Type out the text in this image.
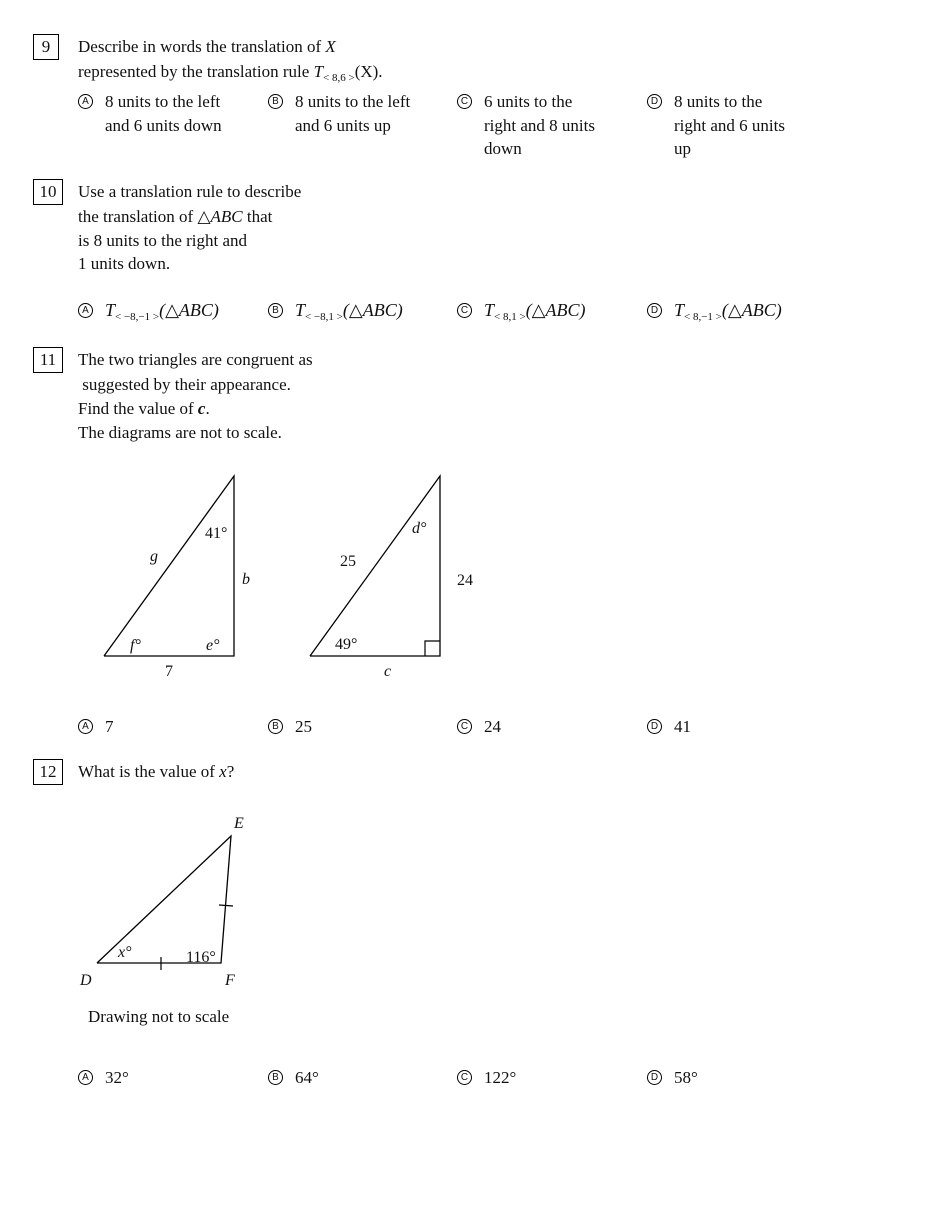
9	Describe in words the translation of X
represented by the translation rule $T_{< 8,6 >}(X)$.
A 8 units to the left
and 6 units down
B 8 units to the left
and 6 units up
C 6 units to the
right and 8 units
down
D 8 units to the
right and 6 units
up
10	Use a translation rule to describe
the translation of △ABC that
is 8 units to the right and
1 units down.
A $T_{< -8,-1 >}(\triangle ABC)$	B $T_{< -8,1 >}(\triangle ABC)$	C $T_{< 8,1 >}(\triangle ABC)$	D $T_{< 8,-1 >}(\triangle ABC)$
11	The two triangles are congruent as
suggested by their appearance.
Find the value of c.
The diagrams are not to scale.
g
41°
b
f°	e°
7
25
d°
24
49°
c
E
D	F
x°	116°
A 7	B 25	C 24	D 41
12	What is the value of x?
Drawing not to scale
A 32°	B 64°	C 122°	D 58°
